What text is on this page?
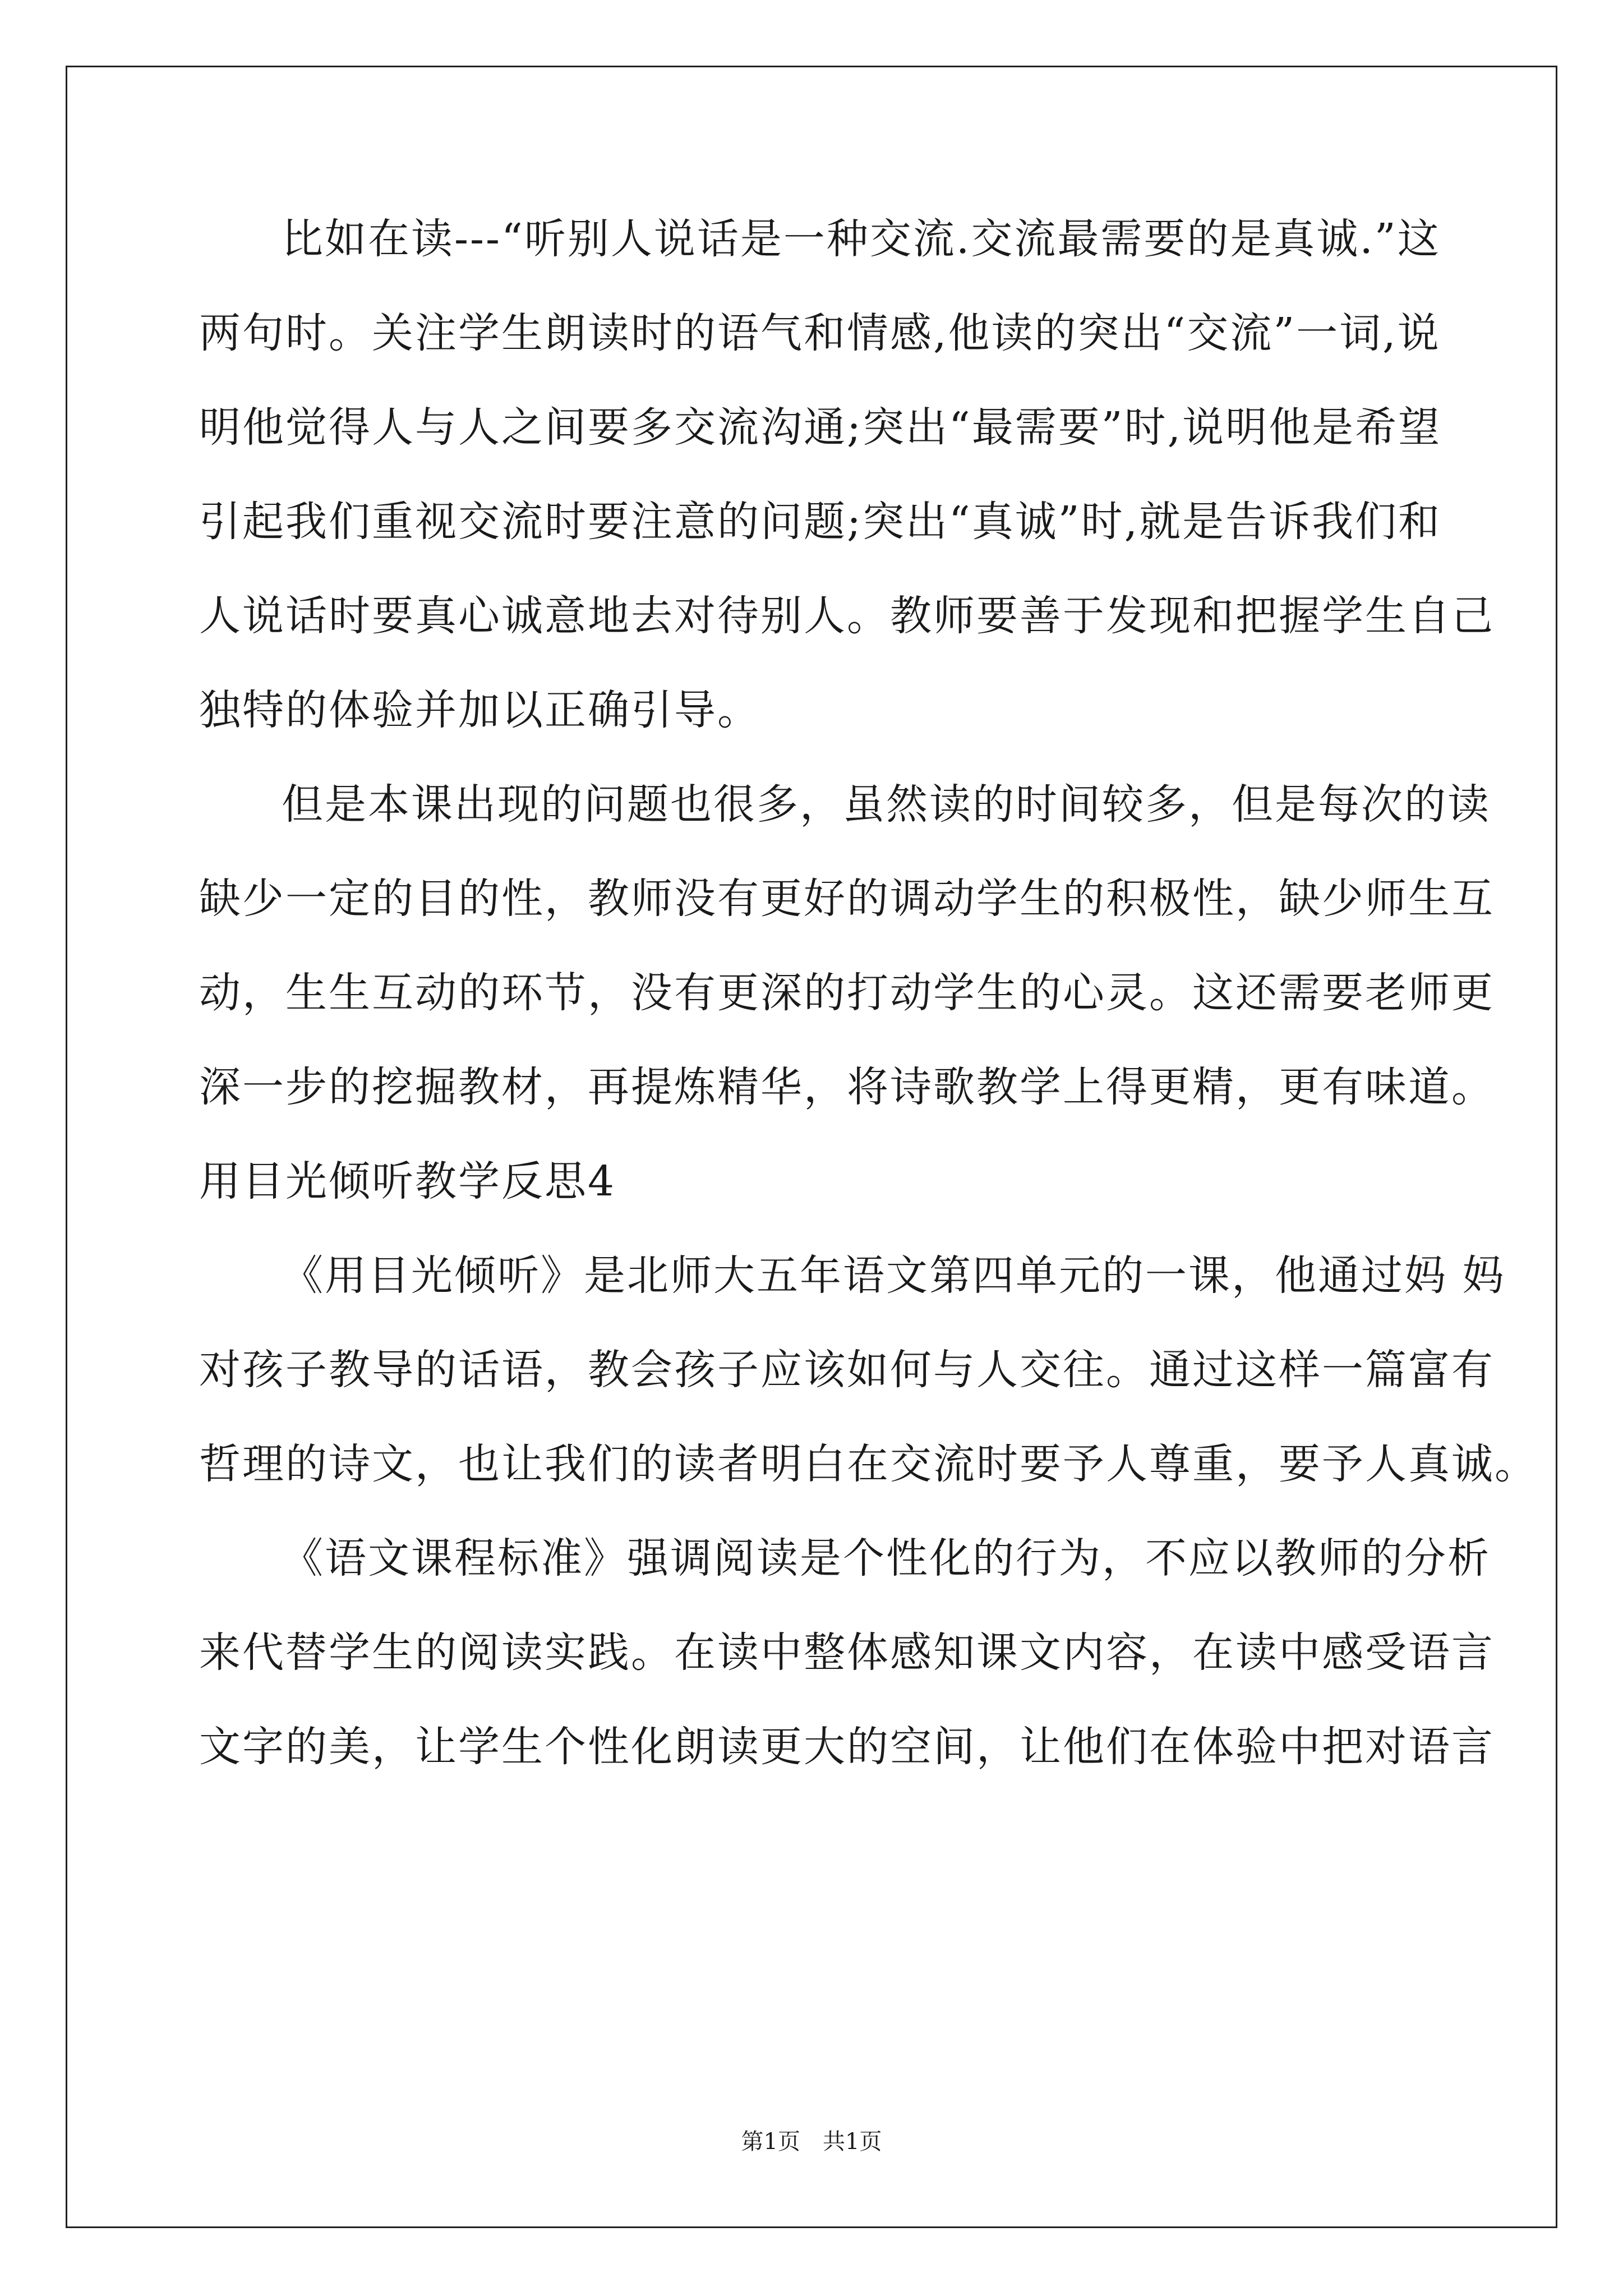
比如在读---“听别人说话是一种交流.交流最需要的是真诚.”这
两句时。关注学生朗读时的语气和情感,他读的突出“交流”一词,说
明他觉得人与人之间要多交流沟通;突出“最需要”时,说明他是希望
引起我们重视交流时要注意的问题;突出“真诚”时,就是告诉我们和
人说话时要真心诚意地去对待别人。教师要善于发现和把握学生自己
独特的体验并加以正确引导。
但是本课出现的问题也很多，虽然读的时间较多，但是每次的读
缺少一定的目的性，教师没有更好的调动学生的积极性，缺少师生互
动，生生互动的环节，没有更深的打动学生的心灵。这还需要老师更
深一步的挖掘教材，再提炼精华，将诗歌教学上得更精，更有味道。
用目光倾听教学反思4
《用目光倾听》是北师大五年语文第四单元的一课，他通过妈 妈
对孩子教导的话语，教会孩子应该如何与人交往。通过这样一篇富有
哲理的诗文，也让我们的读者明白在交流时要予人尊重，要予人真诚。
《语文课程标准》强调阅读是个性化的行为，不应以教师的分析
来代替学生的阅读实践。在读中整体感知课文内容，在读中感受语言
文字的美，让学生个性化朗读更大的空间，让他们在体验中把对语言
第1页　共1页
